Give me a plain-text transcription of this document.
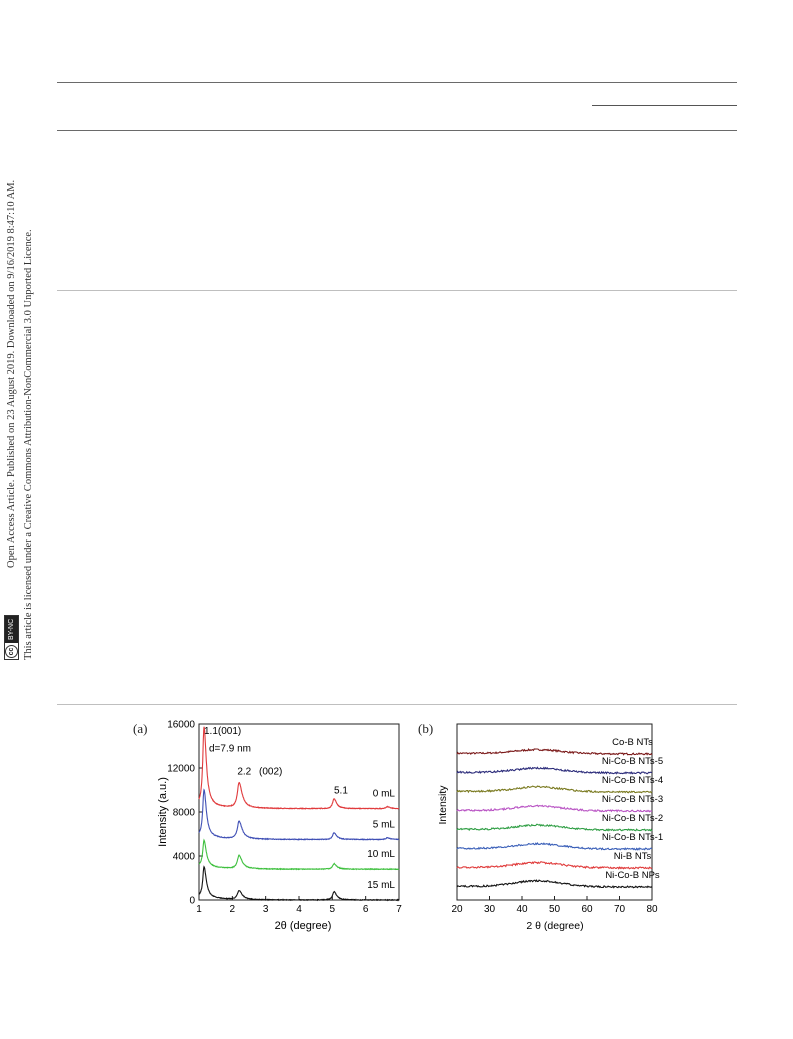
cc
BY-NC
Open Access Article. Published on 23 August 2019. Downloaded on 9/16/2019 8:47:10 AM. This article is licensed under a Creative Commons Attribution-NonCommercial 3.0 Unported Licence.
(a)	(b)
1	2	3	4	5	6	7
0
4000
8000
12000
16000
0 mL
5 mL
10 mL
15 mL
1.1(001)
d=7.9 nm
2.2 (002)
5.1
Intensity (a.u.)
2θ (degree)
20 30 40 50 60 70 80
Co-B NTs
Ni-Co-B NTs-5
Ni-Co-B NTs-4
Ni-Co-B NTs-3
Ni-Co-B NTs-2
Ni-Co-B NTs-1
Ni-B NTs
Ni-Co-B NPs
Intensity
2 θ (degree)
